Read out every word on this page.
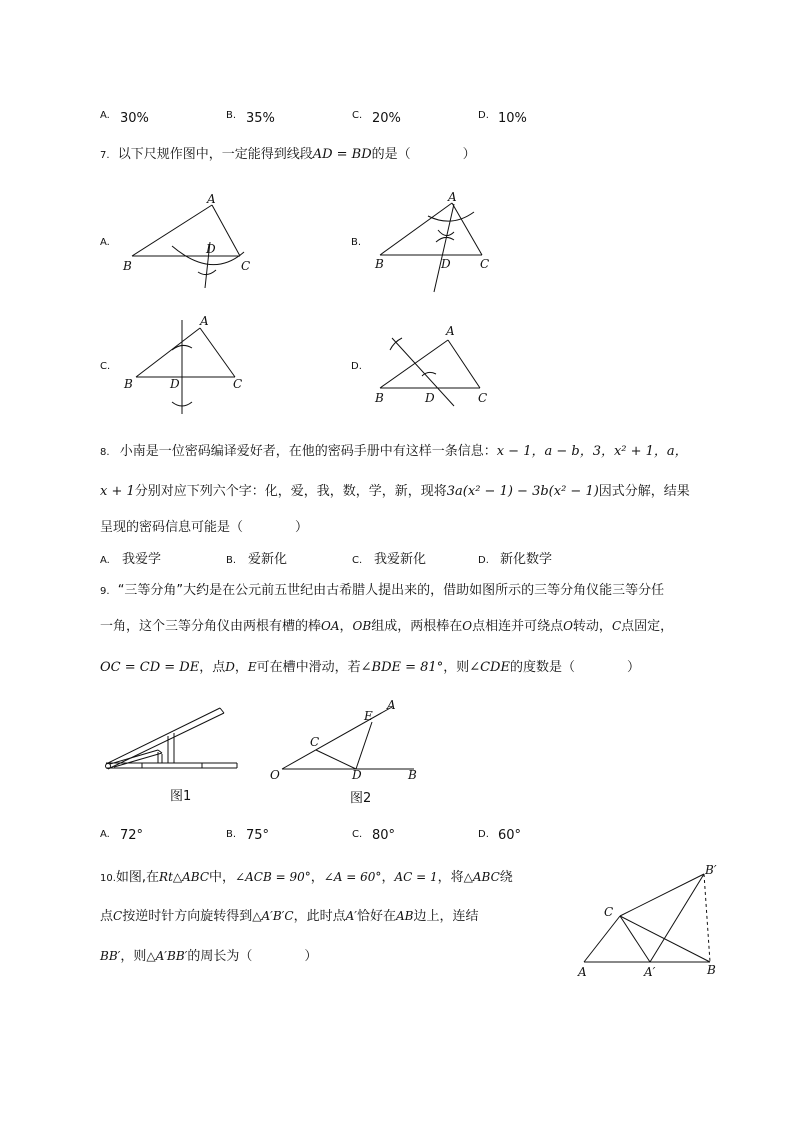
A. 30%	B. 35%	C. 20%	D. 10%
7. 以下尺规作图中，一定能得到线段AD = BD的是（	）
A.
A
B
D
C
B.
A
B	D C
C.
A
B	D	C
D.
A
B	D	C
8. 小南是一位密码编译爱好者，在他的密码手册中有这样一条信息：x − 1，a − b，3，x² + 1，a，
x + 1分别对应下列六个字：化，爱，我，数，学，新，现将3a(x² − 1) − 3b(x² − 1)因式分解，结果
呈现的密码信息可能是（	）
A. 我爱学	B. 爱新化	C. 我爱新化	D. 新化数学
9. “三等分角”大约是在公元前五世纪由古希腊人提出来的，借助如图所示的三等分角仪能三等分任
一角，这个三等分角仪由两根有槽的棒OA，OB组成，两根棒在O点相连并可绕点O转动，C点固定，
OC = CD = DE，点D，E可在槽中滑动，若∠BDE = 81°，则∠CDE的度数是（	）
图1
A
E
C
O	D	B
图2
A. 72°	B. 75°	C. 80°	D. 60°
10.如图,在Rt△ABC中，∠ACB = 90°，∠A = 60°，AC = 1，将△ABC绕
点C按逆时针方向旋转得到△A′B′C，此时点A′恰好在AB边上，连结
BB′，则△A′BB′的周长为（	）
B′
C
A	A′	B
